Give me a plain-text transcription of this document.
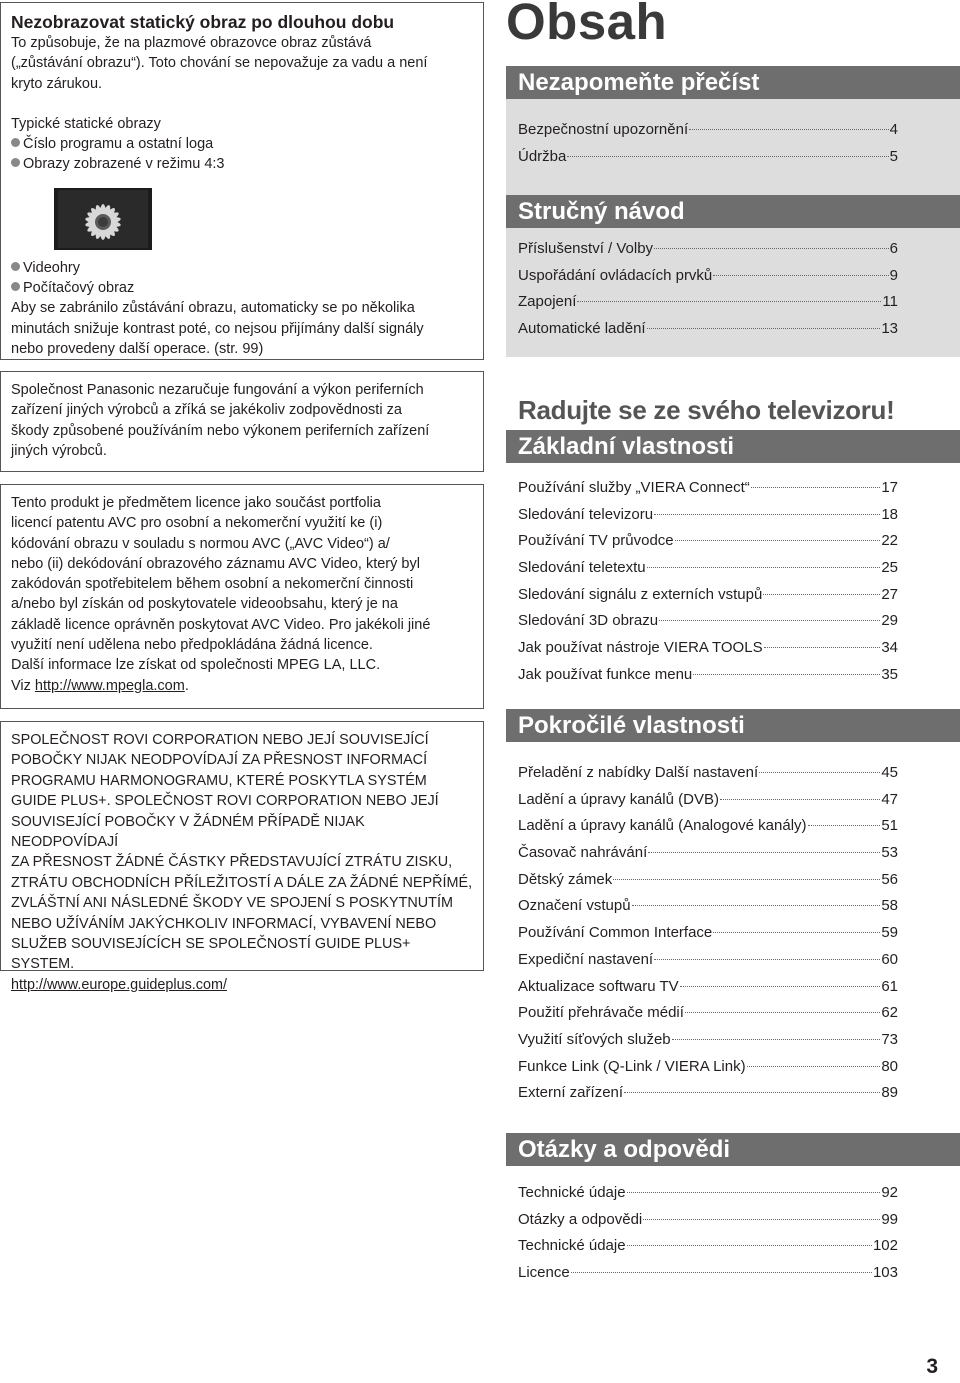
Nezobrazovat statický obraz po dlouhou dobu
To způsobuje, že na plazmové obrazovce obraz zůstává
(„zůstávání obrazu“). Toto chování se nepovažuje za vadu a není
kryto zárukou.
Typické statické obrazy
Číslo programu a ostatní loga
Obrazy zobrazené v režimu 4:3
Videohry
Počítačový obraz
Aby se zabránilo zůstávání obrazu, automaticky se po několika
minutách snižuje kontrast poté, co nejsou přijímány další signály
nebo provedeny další operace. (str. 99)
Společnost Panasonic nezaručuje fungování a výkon periferních
zařízení jiných výrobců a zříká se jakékoliv zodpovědnosti za
škody způsobené používáním nebo výkonem periferních zařízení
jiných výrobců.
Tento produkt je předmětem licence jako součást portfolia
licencí patentu AVC pro osobní a nekomerční využití ke (i)
kódování obrazu v souladu s normou AVC („AVC Video“) a/
nebo (ii) dekódování obrazového záznamu AVC Video, který byl
zakódován spotřebitelem během osobní a nekomerční činnosti
a/nebo byl získán od poskytovatele videoobsahu, který je na
základě licence oprávněn poskytovat AVC Video. Pro jakékoli jiné
využití není udělena nebo předpokládána žádná licence.
Další informace lze získat od společnosti MPEG LA, LLC.
Viz http://www.mpegla.com.
SPOLEČNOST ROVI CORPORATION NEBO JEJÍ SOUVISEJÍCÍ
POBOČKY NIJAK NEODPOVÍDAJÍ ZA PŘESNOST INFORMACÍ
PROGRAMU HARMONOGRAMU, KTERÉ POSKYTLA SYSTÉM
GUIDE PLUS+. SPOLEČNOST ROVI CORPORATION NEBO JEJÍ
SOUVISEJÍCÍ POBOČKY V ŽÁDNÉM PŘÍPADĚ NIJAK NEODPOVÍDAJÍ
ZA PŘESNOST ŽÁDNÉ ČÁSTKY PŘEDSTAVUJÍCÍ ZTRÁTU ZISKU,
ZTRÁTU OBCHODNÍCH PŘÍLEŽITOSTÍ A DÁLE ZA ŽÁDNÉ NEPŘÍMÉ,
ZVLÁŠTNÍ ANI NÁSLEDNÉ ŠKODY VE SPOJENÍ S POSKYTNUTÍM
NEBO UŽÍVÁNÍM JAKÝCHKOLIV INFORMACÍ, VYBAVENÍ NEBO
SLUŽEB SOUVISEJÍCÍCH SE SPOLEČNOSTÍ GUIDE PLUS+ SYSTEM.
http://www.europe.guideplus.com/
Obsah
Nezapomeňte přečíst
Bezpečnostní upozornění	4
Údržba	5
Stručný návod
Příslušenství / Volby	6
Uspořádání ovládacích prvků	9
Zapojení	11
Automatické ladění	13
Radujte se ze svého televizoru!
Základní vlastnosti
Používání služby „VIERA Connect“	17
Sledování televizoru	18
Používání TV průvodce	22
Sledování teletextu	25
Sledování signálu z externích vstupů	27
Sledování 3D obrazu	29
Jak používat nástroje VIERA TOOLS	34
Jak používat funkce menu	35
Pokročilé vlastnosti
Přeladění z nabídky Další nastavení	45
Ladění a úpravy kanálů (DVB)	47
Ladění a úpravy kanálů (Analogové kanály)	51
Časovač nahrávání	53
Dětský zámek	56
Označení vstupů	58
Používání Common Interface	59
Expediční nastavení	60
Aktualizace softwaru TV	61
Použití přehrávače médií	62
Využití síťových služeb	73
Funkce Link (Q-Link / VIERA Link)	80
Externí zařízení	89
Otázky a odpovědi
Technické údaje	92
Otázky a odpovědi	99
Technické údaje	102
Licence	103
3
